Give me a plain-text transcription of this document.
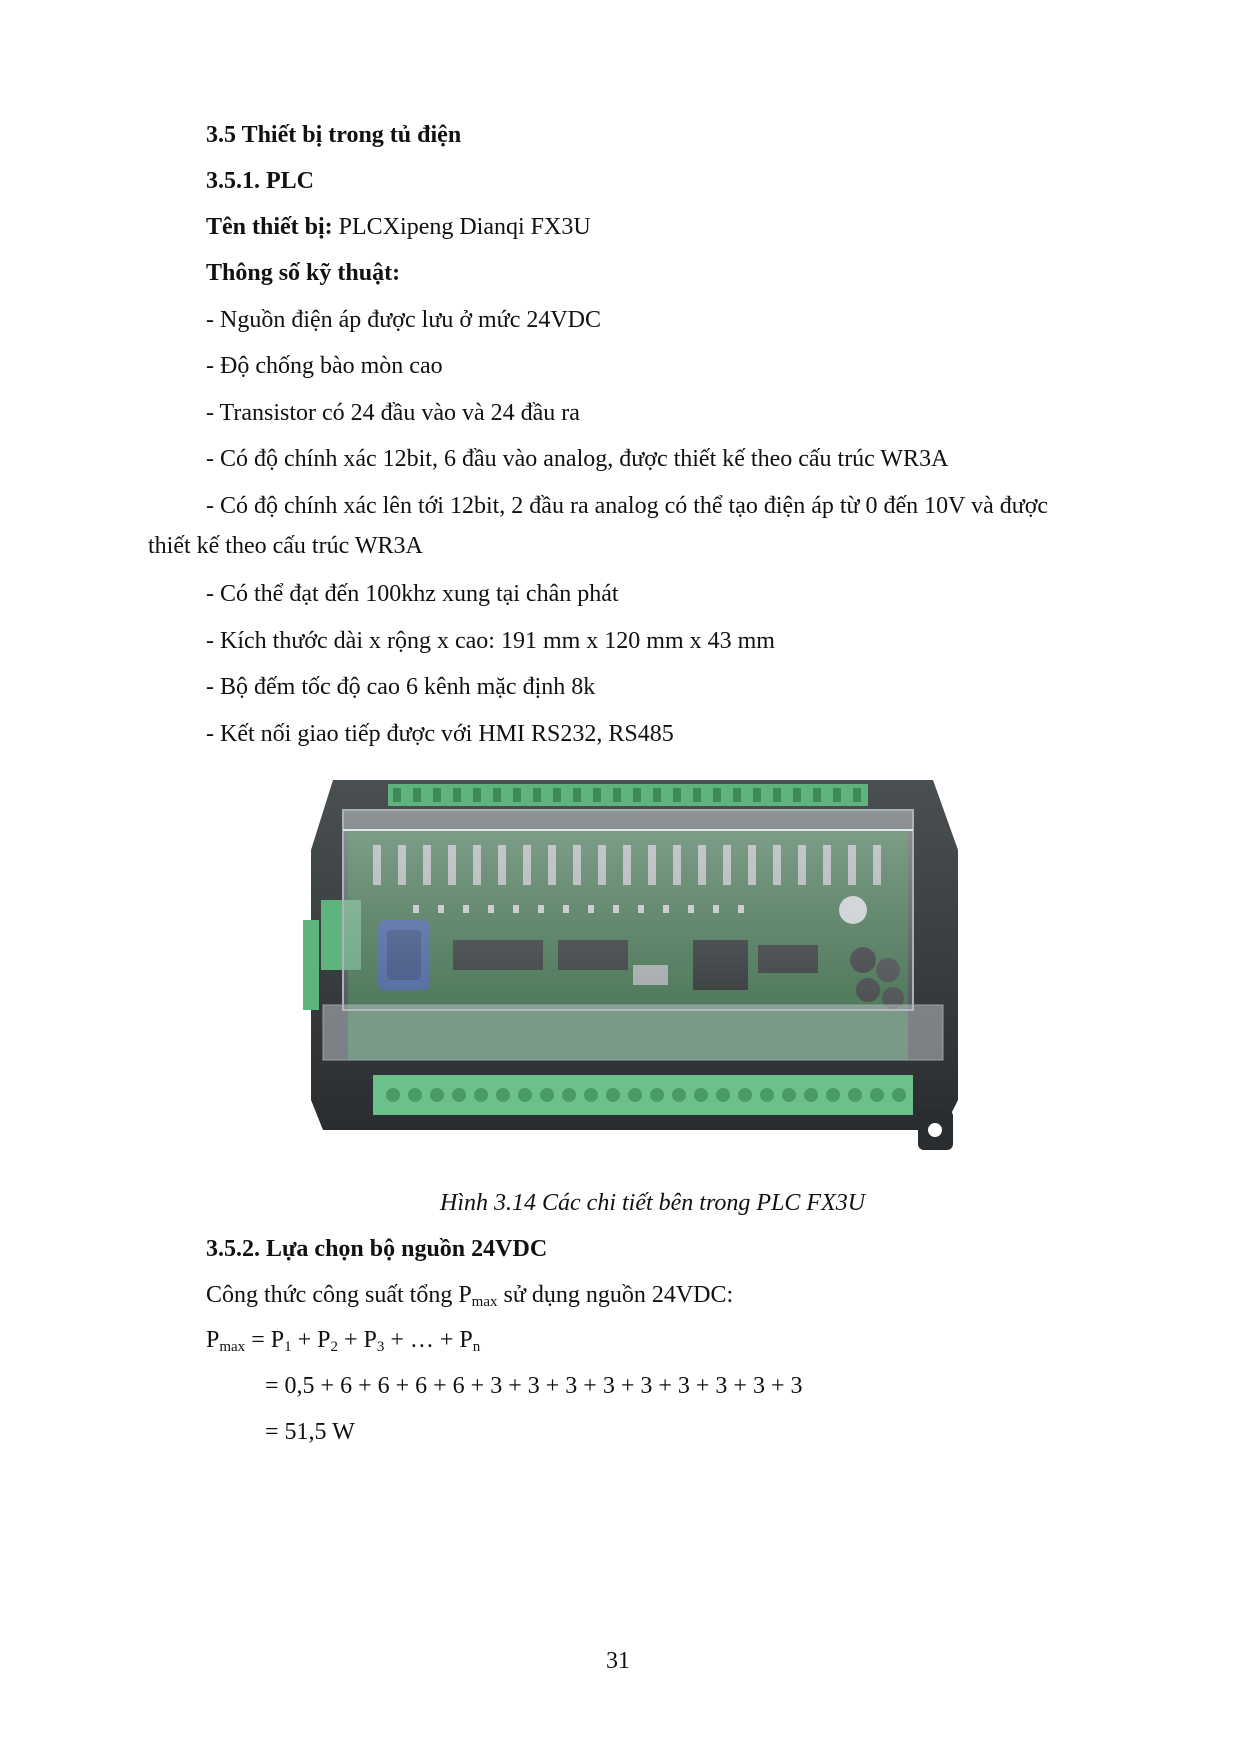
3.5 Thiết bị trong tủ điện
3.5.1. PLC
Tên thiết bị: PLCXipeng Dianqi FX3U
Thông số kỹ thuật:
- Nguồn điện áp được lưu ở mức 24VDC
- Độ chống bào mòn cao
- Transistor có 24 đầu vào và 24 đầu ra
- Có độ chính xác 12bit, 6 đầu vào analog, được thiết kế theo cấu trúc WR3A
- Có độ chính xác lên tới 12bit, 2 đầu ra analog có thể tạo điện áp từ 0 đến 10V và được
thiết kế theo cấu trúc WR3A
- Có thể đạt đến 100khz xung tại chân phát
- Kích thước dài x rộng x cao: 191 mm x 120 mm x 43 mm
- Bộ đếm tốc độ cao 6 kênh mặc định 8k
- Kết nối giao tiếp được với HMI RS232, RS485
Hình 3.14 Các chi tiết bên trong PLC FX3U
3.5.2. Lựa chọn bộ nguồn 24VDC
Công thức công suất tổng $P_{max}$ sử dụng nguồn 24VDC:
$P_{max} = P_1 + P_2 + P_3$ + … + $P_n$
= 0,5 + 6 + 6 + 6 + 6 + 3 + 3 + 3 + 3 + 3 + 3 + 3 + 3 + 3
= 51,5 W
31
